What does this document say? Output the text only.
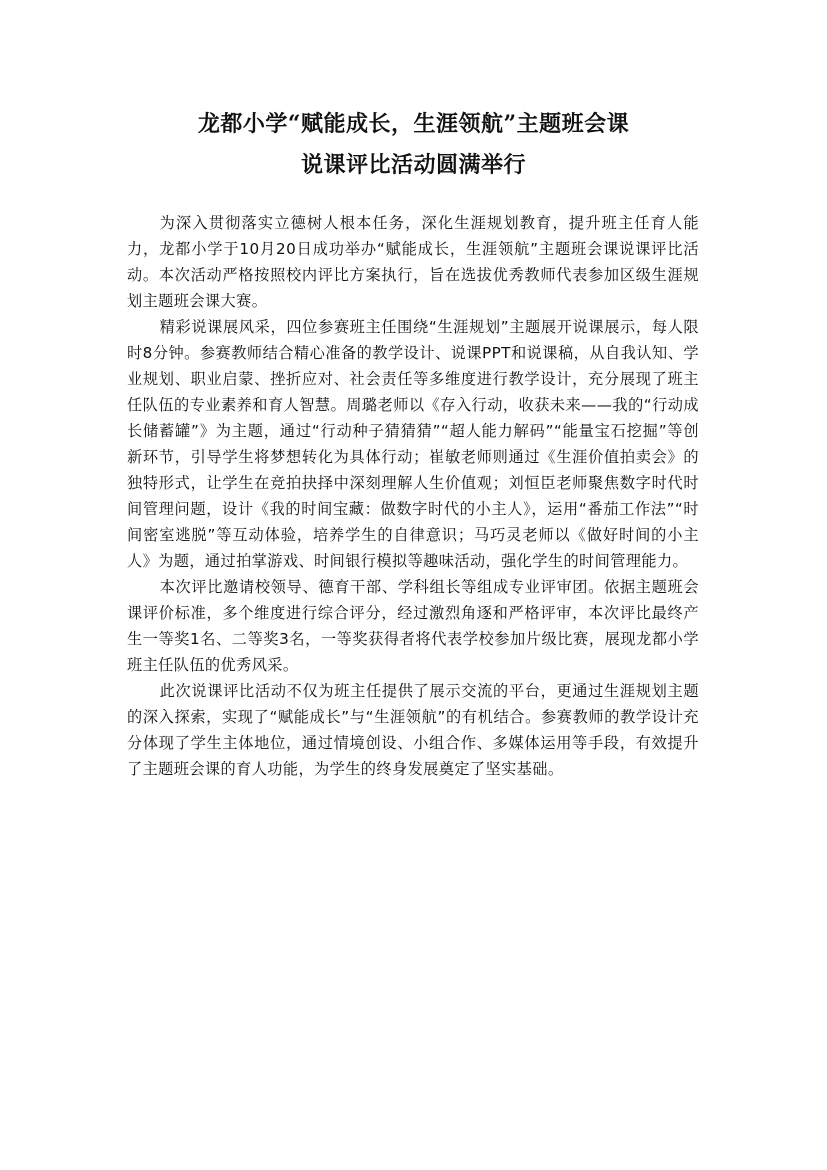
龙都小学“赋能成长，生涯领航”主题班会课
说课评比活动圆满举行

为深入贯彻落实立德树人根本任务，深化生涯规划教育，提升班主任育人能力，龙都小学于10月20日成功举办“赋能成长，生涯领航”主题班会课说课评比活动。本次活动严格按照校内评比方案执行，旨在选拔优秀教师代表参加区级生涯规划主题班会课大赛。

精彩说课展风采，四位参赛班主任围绕“生涯规划”主题展开说课展示，每人限时8分钟。参赛教师结合精心准备的教学设计、说课PPT和说课稿，从自我认知、学业规划、职业启蒙、挫折应对、社会责任等多维度进行教学设计，充分展现了班主任队伍的专业素养和育人智慧。周璐老师以《存入行动，收获未来——我的“行动成长储蓄罐”》为主题，通过“行动种子猜猜猜”“超人能力解码”“能量宝石挖掘”等创新环节，引导学生将梦想转化为具体行动；崔敏老师则通过《生涯价值拍卖会》的独特形式，让学生在竞拍抉择中深刻理解人生价值观；刘恒臣老师聚焦数字时代时间管理问题，设计《我的时间宝藏：做数字时代的小主人》，运用“番茄工作法”“时间密室逃脱”等互动体验，培养学生的自律意识；马巧灵老师以《做好时间的小主人》为题，通过拍掌游戏、时间银行模拟等趣味活动，强化学生的时间管理能力。

本次评比邀请校领导、德育干部、学科组长等组成专业评审团。依据主题班会课评价标准，多个维度进行综合评分，经过激烈角逐和严格评审，本次评比最终产生一等奖1名、二等奖3名，一等奖获得者将代表学校参加片级比赛，展现龙都小学班主任队伍的优秀风采。

此次说课评比活动不仅为班主任提供了展示交流的平台，更通过生涯规划主题的深入探索，实现了“赋能成长”与“生涯领航”的有机结合。参赛教师的教学设计充分体现了学生主体地位，通过情境创设、小组合作、多媒体运用等手段，有效提升了主题班会课的育人功能，为学生的终身发展奠定了坚实基础。
